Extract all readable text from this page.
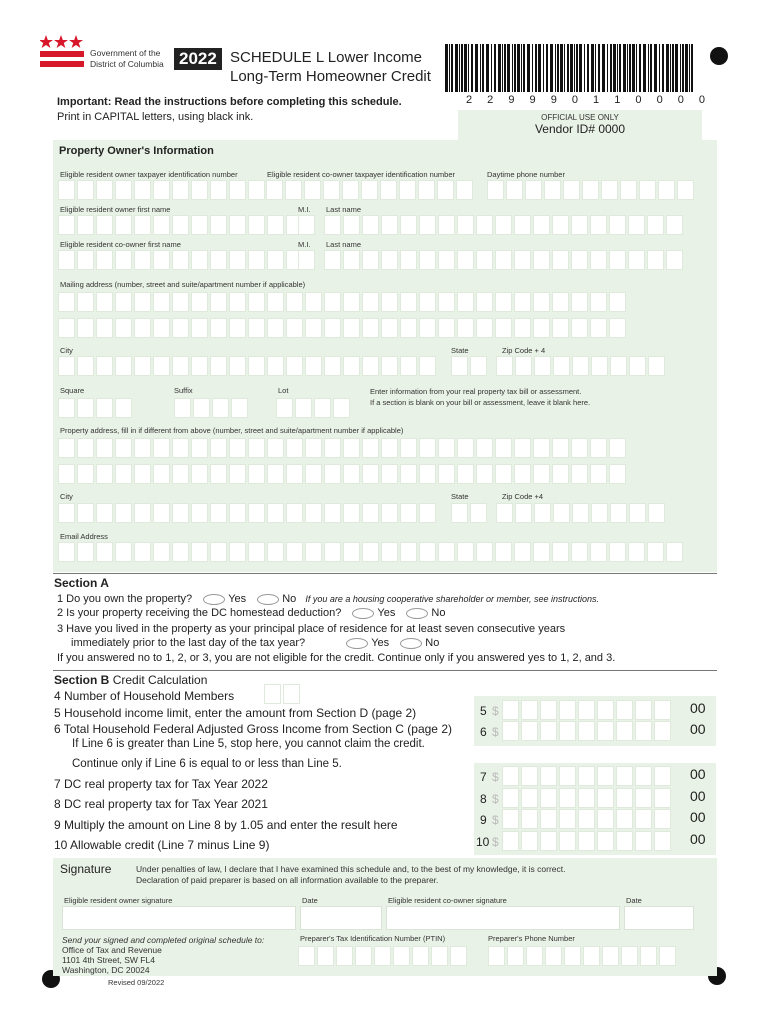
Government of the
District of Columbia 2022 SCHEDULE L Lower Income
Long-Term Homeowner Credit
2 2 9 9 9 0 1 1 0 0 0 0
Important: Read the instructions before completing this schedule. Print in CAPITAL letters, using black ink.	OFFICIAL USE ONLY
Vendor ID# 0000
Property Owner's Information
Eligible resident owner taxpayer identification number	Eligible resident co-owner taxpayer identification number	Daytime phone number
Eligible resident owner first name	M.I. Last name
Eligible resident co-owner first name	M.I. Last name
Mailing address (number, street and suite/apartment number if applicable)
City	State	Zip Code + 4
Square	Suffix	Lot	Enter information from your real property tax bill or assessment.
If a section is blank on your bill or assessment, leave it blank here.
Property address, fill in if different from above (number, street and suite/apartment number if applicable)
City	State	Zip Code +4
Email Address
Section A
1 Do you own the property?	Yes	No If you are a housing cooperative shareholder or member, see instructions.
2 Is your property receiving the DC homestead deduction?	Yes	No
3 Have you lived in the property as your principal place of residence for at least seven consecutive years
immediately prior to the last day of the tax year?	Yes	No
If you answered no to 1, 2, or 3, you are not eligible for the credit. Continue only if you answered yes to 1, 2, and 3.
Section B Credit Calculation
4 Number of Household Members
5 Household income limit, enter the amount from Section D (page 2)
6 Total Household Federal Adjusted Gross Income from Section C (page 2)
If Line 6 is greater than Line 5, stop here, you cannot claim the credit.
Continue only if Line 6 is equal to or less than Line 5.
7 DC real property tax for Tax Year 2022
8 DC real property tax for Tax Year 2021
9 Multiply the amount on Line 8 by 1.05 and enter the result here
10 Allowable credit (Line 7 minus Line 9)
5 $	00
6 $	00
7 $	00
8 $	00
9 $	00
10 $	00
Signature	Under penalties of law, I declare that I have examined this schedule and, to the best of my knowledge, it is correct.
Declaration of paid preparer is based on all information available to the preparer.
Eligible resident owner signature	Date	Eligible resident co-owner signature	Date
Send your signed and completed original schedule to:
Office of Tax and Revenue
1101 4th Street, SW FL4
Washington, DC 20024
Preparer's Tax Identification Number (PTIN)	Preparer's Phone Number
Revised 09/2022
